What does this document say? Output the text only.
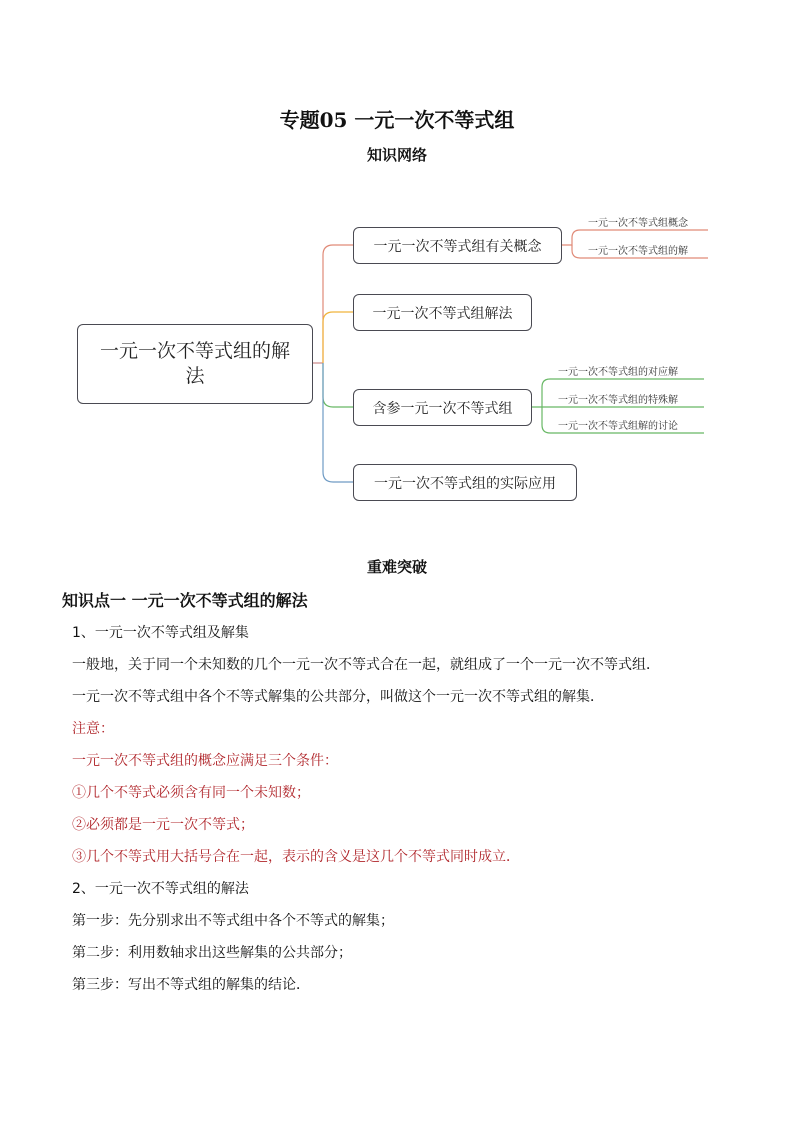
专题05 一元一次不等式组
知识网络
一元一次不等式组的解法
一元一次不等式组有关概念
一元一次不等式组解法
含参一元一次不等式组
一元一次不等式组的实际应用
一元一次不等式组概念
一元一次不等式组的解
一元一次不等式组的对应解
一元一次不等式组的特殊解
一元一次不等式组解的讨论
重难突破
知识点一 一元一次不等式组的解法
1、一元一次不等式组及解集
一般地，关于同一个未知数的几个一元一次不等式合在一起，就组成了一个一元一次不等式组．
一元一次不等式组中各个不等式解集的公共部分，叫做这个一元一次不等式组的解集．
注意：
一元一次不等式组的概念应满足三个条件：
①几个不等式必须含有同一个未知数；
②必须都是一元一次不等式；
③几个不等式用大括号合在一起，表示的含义是这几个不等式同时成立．
2、一元一次不等式组的解法
第一步：先分别求出不等式组中各个不等式的解集；
第二步：利用数轴求出这些解集的公共部分；
第三步：写出不等式组的解集的结论．
